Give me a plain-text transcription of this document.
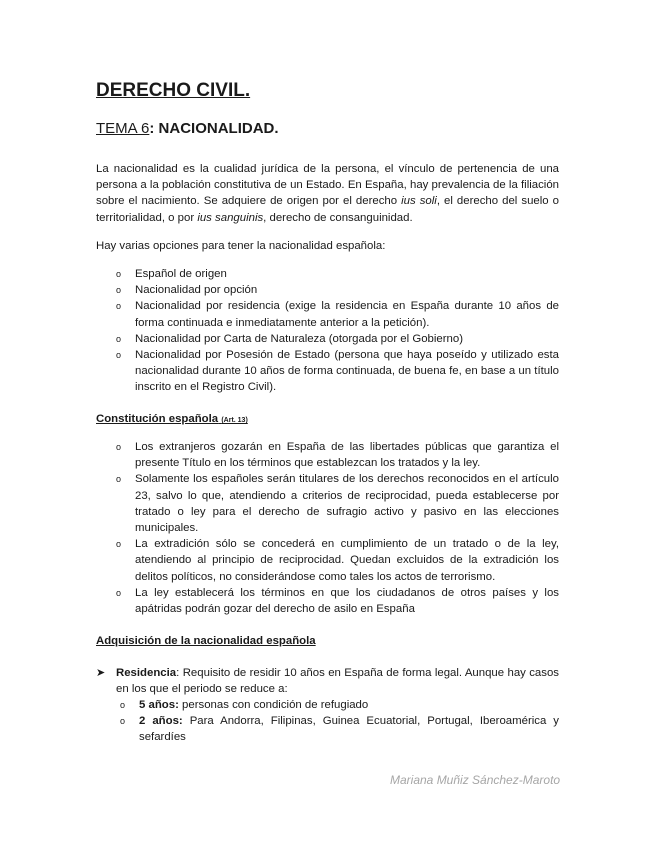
DERECHO CIVIL.
TEMA 6: NACIONALIDAD.
La nacionalidad es la cualidad jurídica de la persona, el vínculo de pertenencia de una persona a la población constitutiva de un Estado. En España, hay prevalencia de la filiación sobre el nacimiento. Se adquiere de origen por el derecho ius soli, el derecho del suelo o territorialidad, o por ius sanguinis, derecho de consanguinidad.
Hay varias opciones para tener la nacionalidad española:
o Español de origen
o Nacionalidad por opción
o Nacionalidad por residencia (exige la residencia en España durante 10 años de forma continuada e inmediatamente anterior a la petición).
o Nacionalidad por Carta de Naturaleza (otorgada por el Gobierno)
o Nacionalidad por Posesión de Estado (persona que haya poseído y utilizado esta nacionalidad durante 10 años de forma continuada, de buena fe, en base a un título inscrito en el Registro Civil).
Constitución española (Art. 13)
o Los extranjeros gozarán en España de las libertades públicas que garantiza el presente Título en los términos que establezcan los tratados y la ley.
o Solamente los españoles serán titulares de los derechos reconocidos en el artículo 23, salvo lo que, atendiendo a criterios de reciprocidad, pueda establecerse por tratado o ley para el derecho de sufragio activo y pasivo en las elecciones municipales.
o La extradición sólo se concederá en cumplimiento de un tratado o de la ley, atendiendo al principio de reciprocidad. Quedan excluidos de la extradición los delitos políticos, no considerándose como tales los actos de terrorismo.
o La ley establecerá los términos en que los ciudadanos de otros países y los apátridas podrán gozar del derecho de asilo en España
Adquisición de la nacionalidad española
➤ Residencia: Requisito de residir 10 años en España de forma legal. Aunque hay casos en los que el periodo se reduce a:
o 5 años: personas con condición de refugiado
o 2 años: Para Andorra, Filipinas, Guinea Ecuatorial, Portugal, Iberoamérica y sefardíes
Mariana Muñiz Sánchez-Maroto
